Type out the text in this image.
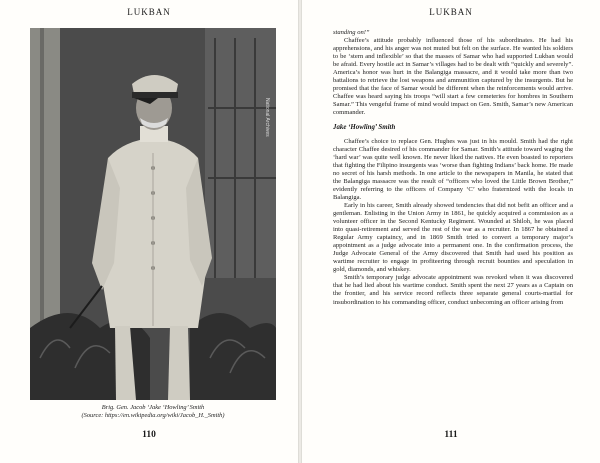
LUKBAN
National Archives
Brig. Gen. Jacob ‘Jake ‘Howling’ Smith
(Source: https://en.wikipedia.org/wiki/Jacob_H._Smith)
110
LUKBAN
111

standing on!”

Chaffee’s attitude probably influenced those of his subordinates. He had his apprehensions, and his anger was not muted but felt on the surface. He wanted his soldiers to be ‘stern and inflexible’ so that the masses of Samar who had supported Lukban would be afraid. Every hostile act in Samar’s villages had to be dealt with “quickly and severely”. America’s honor was hurt in the Balangiga massacre, and it would take more than two battalions to retrieve the lost weapons and ammunition captured by the insurgents. But he promised that the face of Samar would be different when the reinforcements would arrive. Chaffee was heard saying his troops “will start a few cemeteries for hombres in Southern Samar.” This vengeful frame of mind would impact on Gen. Smith, Samar’s new American commander.

Jake ‘Howling’ Smith

Chaffee’s choice to replace Gen. Hughes was just in his mould. Smith had the right character Chaffee desired of his commander for Samar. Smith’s attitude toward waging the ‘hard war’ was quite well known. He never liked the natives. He even boasted to reporters that fighting the Filipino insurgents was ‘worse than fighting Indians’ back home. He made no secret of his harsh methods. In one article to the newspapers in Manila, he stated that the Balangiga massacre was the result of “officers who loved the Little Brown Brother,” evidently referring to the officers of Company ‘C’ who fraternized with the locals in Balangiga.

Early in his career, Smith already showed tendencies that did not befit an officer and a gentleman. Enlisting in the Union Army in 1861, he quickly acquired a commission as a volunteer officer in the Second Kentucky Regiment. Wounded at Shiloh, he was placed into quasi-retirement and served the rest of the war as a recruiter. In 1867 he obtained a Regular Army captaincy, and in 1869 Smith tried to convert a temporary major’s appointment as a judge advocate into a permanent one. In the confirmation process, the Judge Advocate General of the Army discovered that Smith had used his position as wartime recruiter to engage in profiteering through recruit bounties and speculation in gold, diamonds, and whiskey.

Smith’s temporary judge advocate appointment was revoked when it was discovered that he had lied about his wartime conduct. Smith spent the next 27 years as a Captain on the frontier, and his service record reflects three separate general courts-martial for insubordination to his commanding officer, conduct unbecoming an officer arising from
